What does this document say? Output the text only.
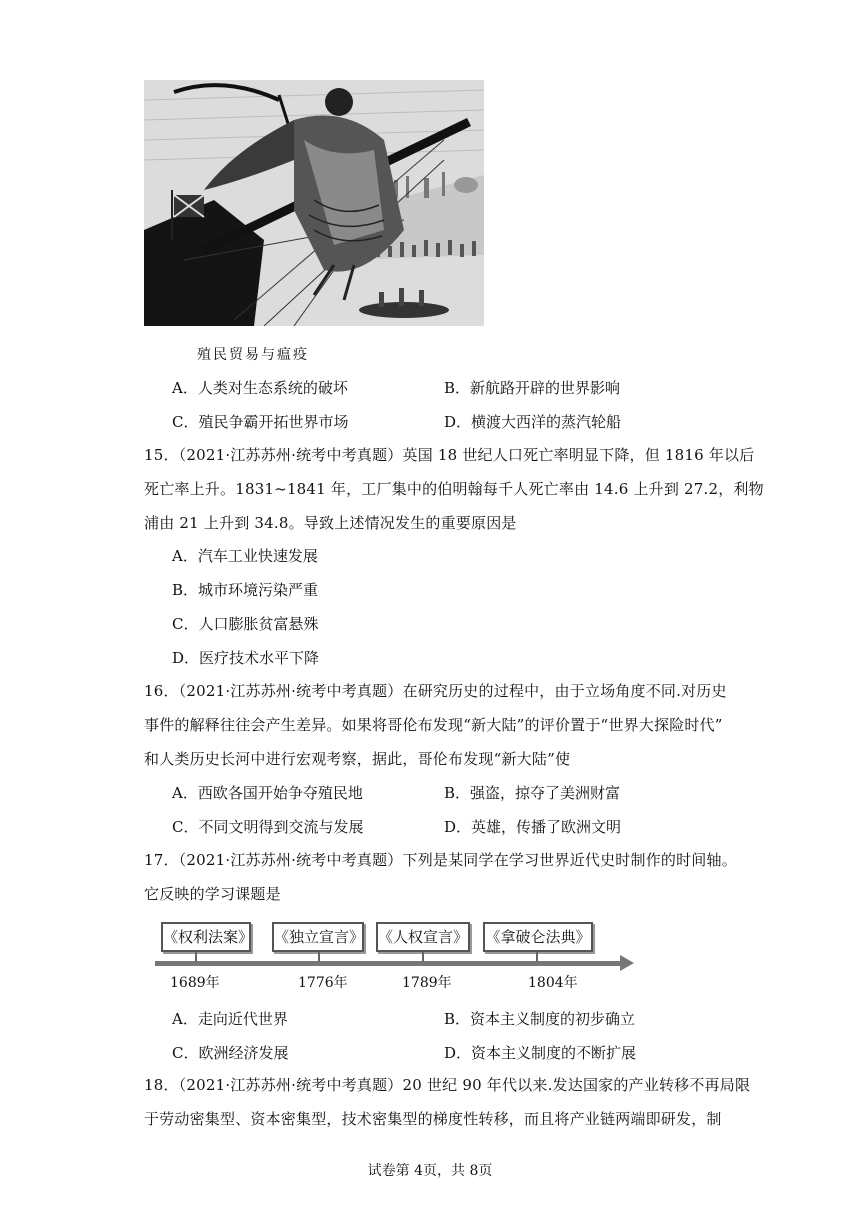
殖民贸易与瘟疫
A．人类对生态系统的破坏	B．新航路开辟的世界影响
C．殖民争霸开拓世界市场	D．横渡大西洋的蒸汽轮船
15．（2021·江苏苏州·统考中考真题）英国 18 世纪人口死亡率明显下降，但 1816 年以后
死亡率上升。1831~1841 年，工厂集中的伯明翰每千人死亡率由 14.6 上升到 27.2，利物
浦由 21 上升到 34.8。导致上述情况发生的重要原因是
A．汽车工业快速发展
B．城市环境污染严重
C．人口膨胀贫富悬殊
D．医疗技术水平下降
16．（2021·江苏苏州·统考中考真题）在研究历史的过程中，由于立场角度不同.对历史
事件的解释往往会产生差异。如果将哥伦布发现“新大陆”的评价置于“世界大探险时代”
和人类历史长河中进行宏观考察，据此，哥伦布发现“新大陆”使
A．西欧各国开始争夺殖民地	B．强盗，掠夺了美洲财富
C．不同文明得到交流与发展	D．英雄，传播了欧洲文明
17．（2021·江苏苏州·统考中考真题）下列是某同学在学习世界近代史时制作的时间轴。
它反映的学习课题是
《权利法案》 《独立宣言》 《人权宣言》 《拿破仑法典》
1689年	1776年	1789年	1804年
A．走向近代世界	B．资本主义制度的初步确立
C．欧洲经济发展	D．资本主义制度的不断扩展
18．（2021·江苏苏州·统考中考真题）20 世纪 90 年代以来.发达国家的产业转移不再局限
于劳动密集型、资本密集型，技术密集型的梯度性转移，而且将产业链两端即研发，制
试卷第 4页，共 8页
